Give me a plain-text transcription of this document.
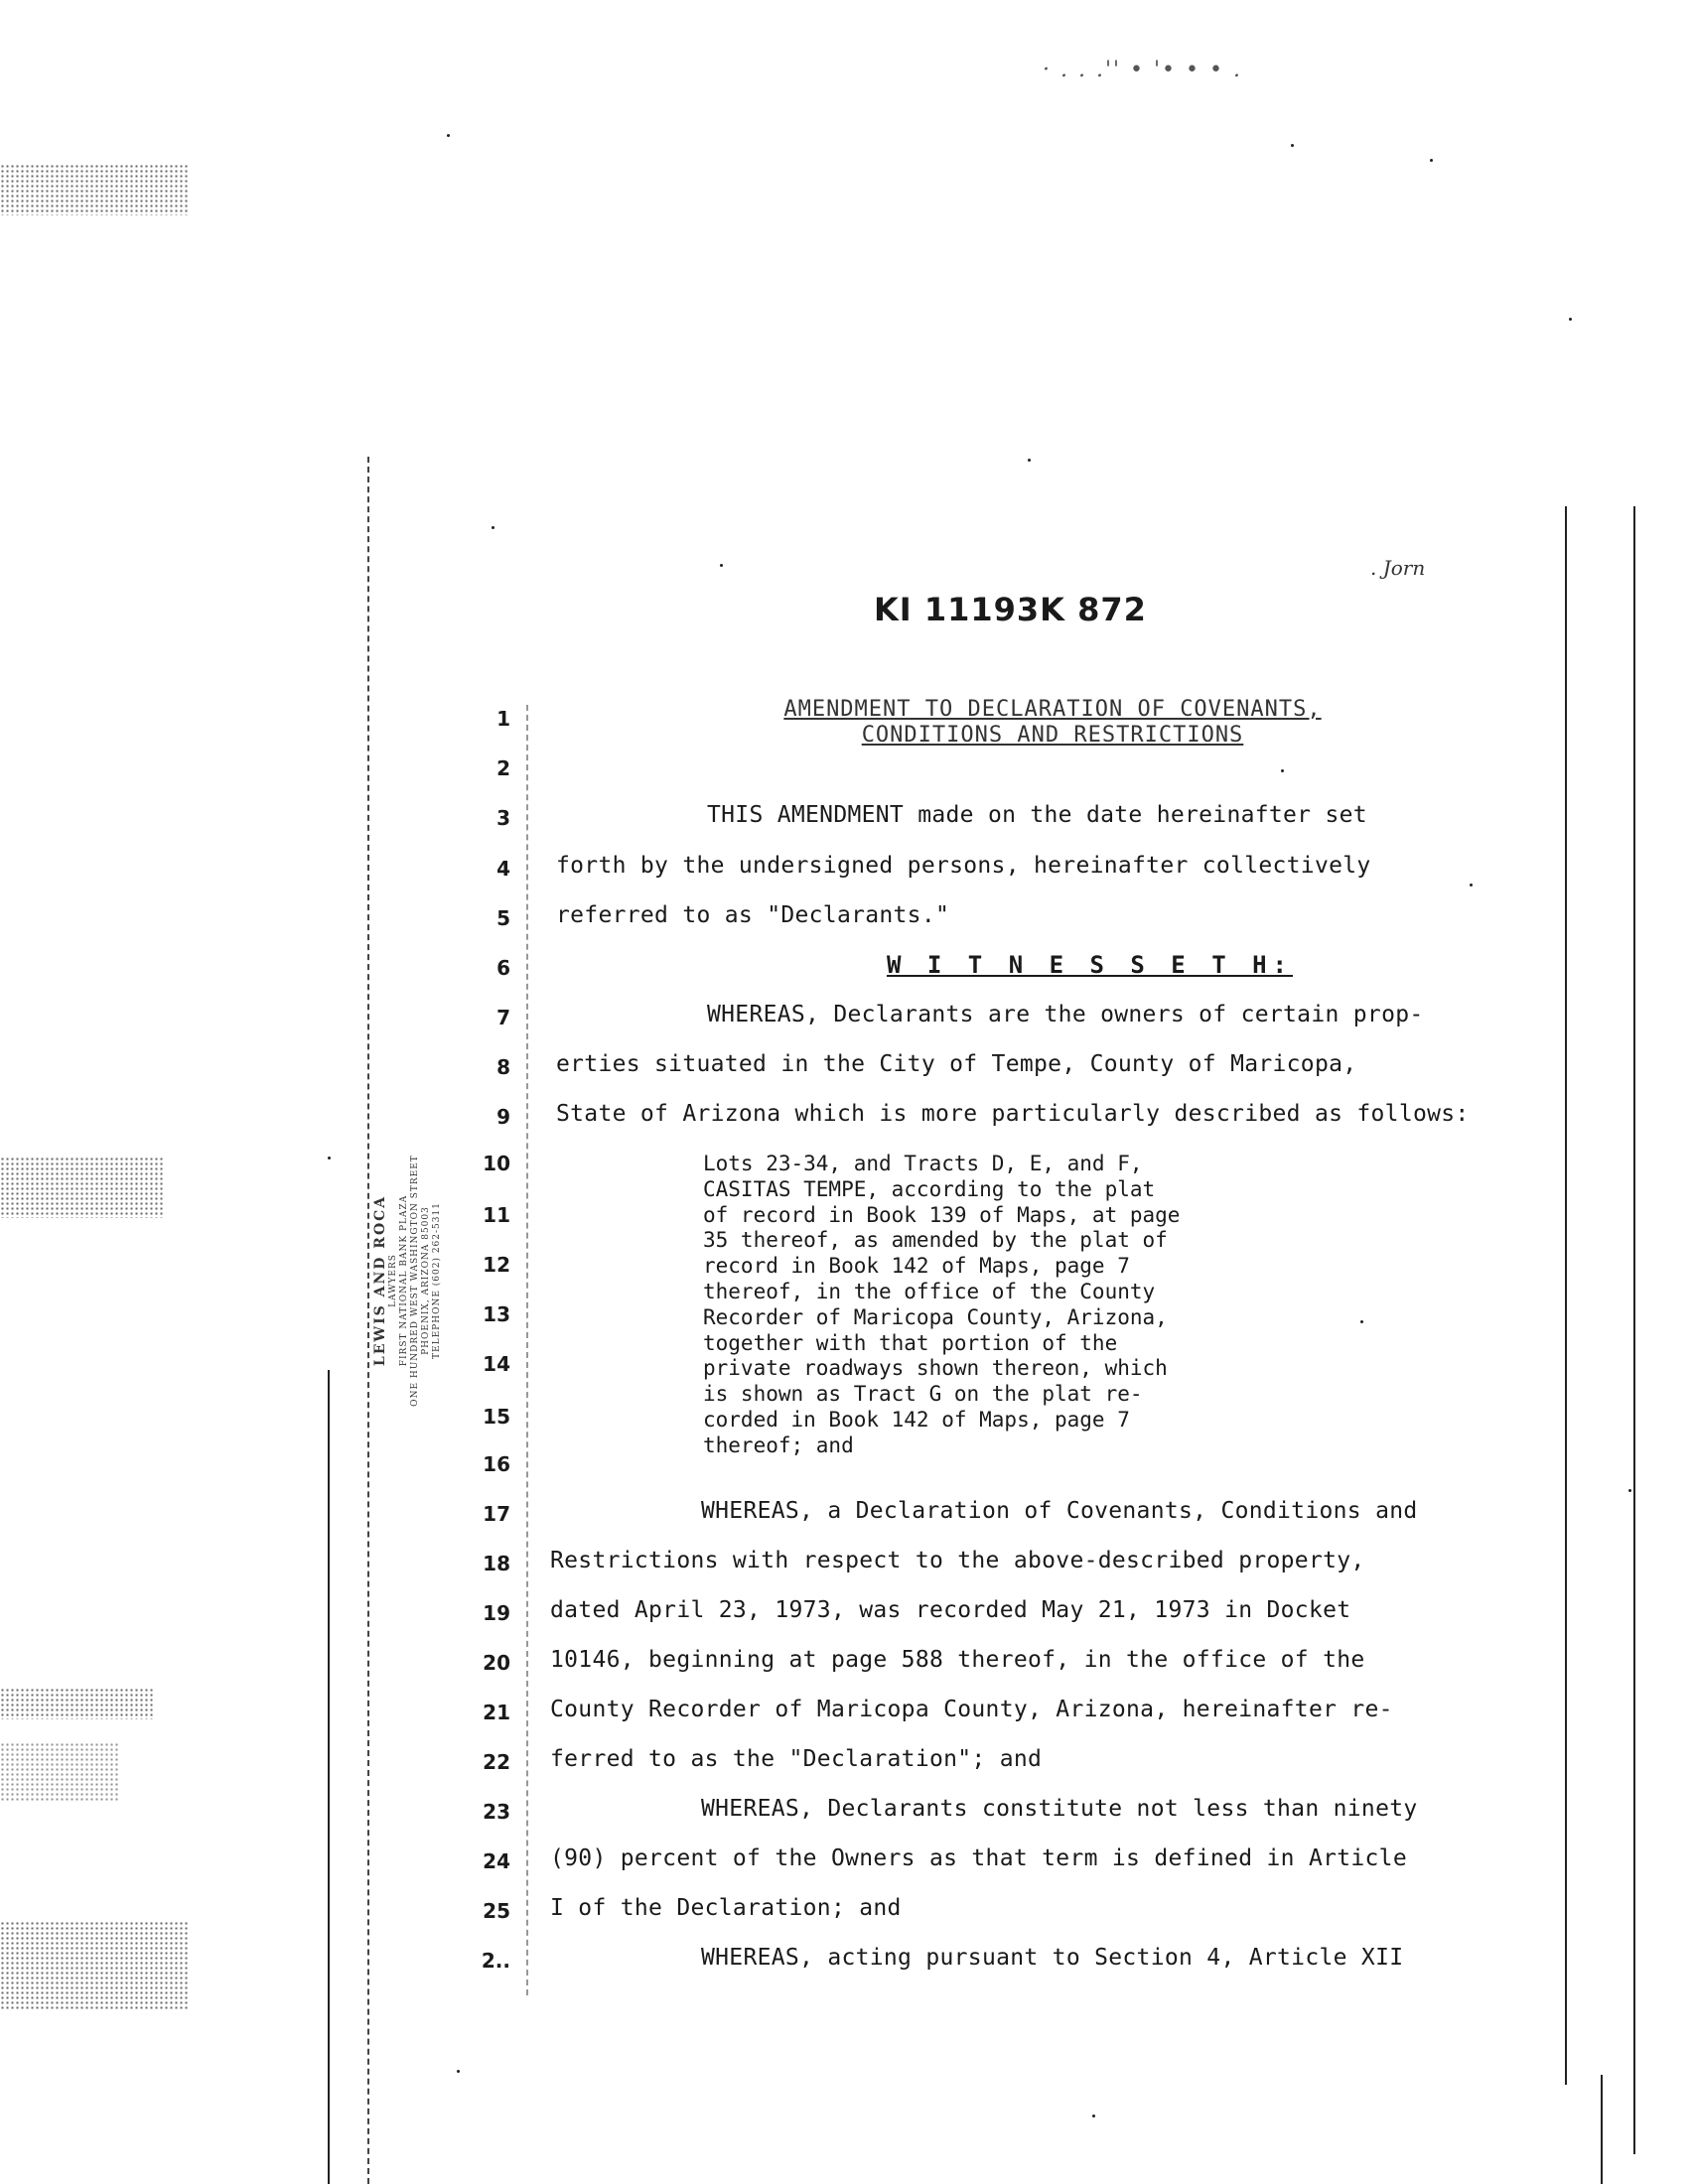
· . . .'' • '• • • .
. Jorn
KI 11193K 872
AMENDMENT TO DECLARATION OF COVENANTS,
CONDITIONS AND RESTRICTIONS
LEWIS AND ROCA LAWYERS FIRST NATIONAL BANK PLAZA ONE HUNDRED WEST WASHINGTON STREET PHOENIX, ARIZONA 85003 TELEPHONE (602) 262-5311
1
2
3
4
5
6
7
8
9
10
11
12
13
14
15
16
17
18
19
20
21
22
23
24
25
2..
THIS AMENDMENT made on the date hereinafter set
forth by the undersigned persons, hereinafter collectively
referred to as "Declarants."
W I T N E S S E T H:
WHEREAS, Declarants are the owners of certain prop-
erties situated in the City of Tempe, County of Maricopa,
State of Arizona which is more particularly described as follows:
Lots 23-34, and Tracts D, E, and F,
CASITAS TEMPE, according to the plat
of record in Book 139 of Maps, at page
35 thereof, as amended by the plat of
record in Book 142 of Maps, page 7
thereof, in the office of the County
Recorder of Maricopa County, Arizona,
together with that portion of the
private roadways shown thereon, which
is shown as Tract G on the plat re-
corded in Book 142 of Maps, page 7
thereof; and
WHEREAS, a Declaration of Covenants, Conditions and
Restrictions with respect to the above-described property,
dated April 23, 1973, was recorded May 21, 1973 in Docket
10146, beginning at page 588 thereof, in the office of the
County Recorder of Maricopa County, Arizona, hereinafter re-
ferred to as the "Declaration"; and
WHEREAS, Declarants constitute not less than ninety
(90) percent of the Owners as that term is defined in Article
I of the Declaration; and
WHEREAS, acting pursuant to Section 4, Article XII
